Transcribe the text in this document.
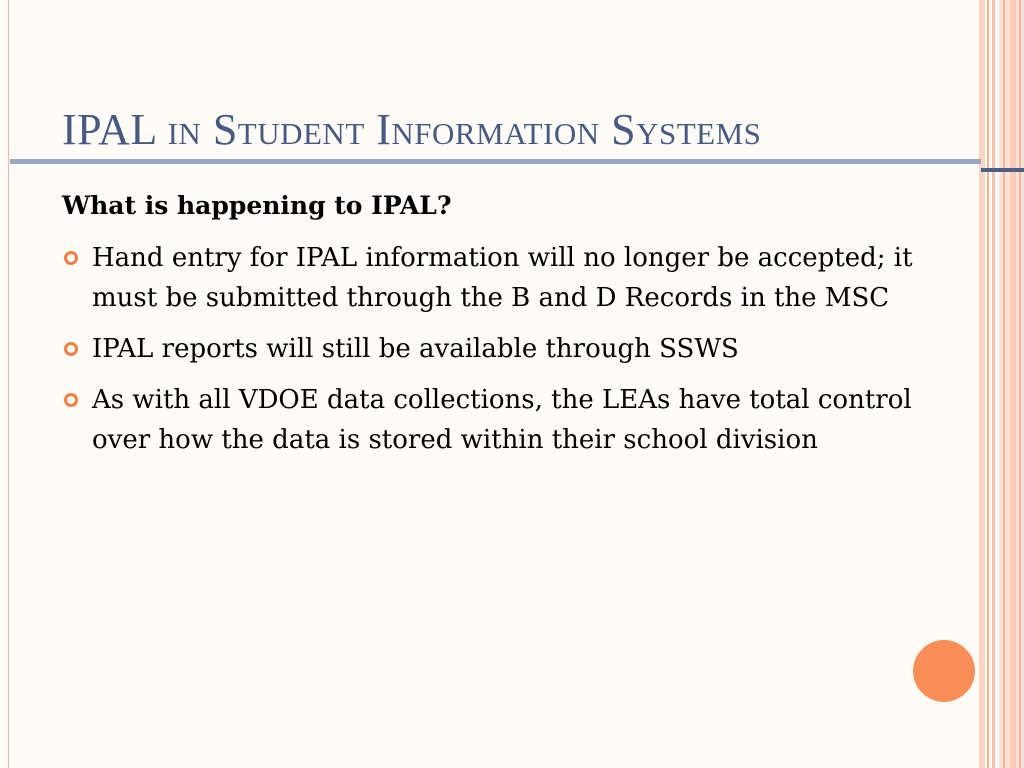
IPAL in Student Information Systems

What is happening to IPAL?

Hand entry for IPAL information will no longer be accepted; it must be submitted through the B and D Records in the MSC
IPAL reports will still be available through SSWS
As with all VDOE data collections, the LEAs have total control over how the data is stored within their school division
